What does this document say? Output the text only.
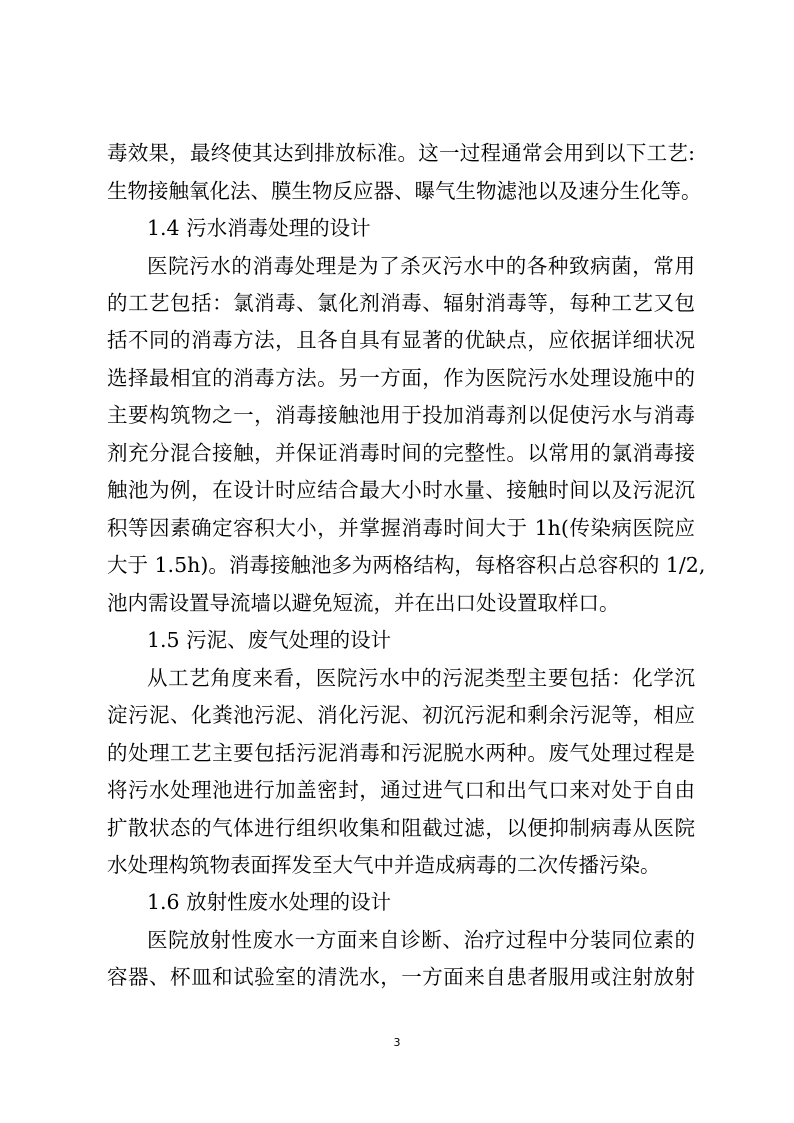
毒效果，最终使其达到排放标准。这一过程通常会用到以下工艺:
生物接触氧化法、膜生物反应器、曝气生物滤池以及速分生化等。
1.4 污水消毒处理的设计
医院污水的消毒处理是为了杀灭污水中的各种致病菌，常用
的工艺包括：氯消毒、氯化剂消毒、辐射消毒等，每种工艺又包
括不同的消毒方法，且各自具有显著的优缺点，应依据详细状况
选择最相宜的消毒方法。另一方面，作为医院污水处理设施中的
主要构筑物之一，消毒接触池用于投加消毒剂以促使污水与消毒
剂充分混合接触，并保证消毒时间的完整性。以常用的氯消毒接
触池为例，在设计时应结合最大小时水量、接触时间以及污泥沉
积等因素确定容积大小，并掌握消毒时间大于 1h(传染病医院应
大于 1.5h)。消毒接触池多为两格结构，每格容积占总容积的 1/2,
池内需设置导流墙以避免短流，并在出口处设置取样口。
1.5 污泥、废气处理的设计
从工艺角度来看，医院污水中的污泥类型主要包括：化学沉
淀污泥、化粪池污泥、消化污泥、初沉污泥和剩余污泥等，相应
的处理工艺主要包括污泥消毒和污泥脱水两种。废气处理过程是
将污水处理池进行加盖密封，通过进气口和出气口来对处于自由
扩散状态的气体进行组织收集和阻截过滤，以便抑制病毒从医院
水处理构筑物表面挥发至大气中并造成病毒的二次传播污染。
1.6 放射性废水处理的设计
医院放射性废水一方面来自诊断、治疗过程中分装同位素的
容器、杯皿和试验室的清洗水，一方面来自患者服用或注射放射
3
